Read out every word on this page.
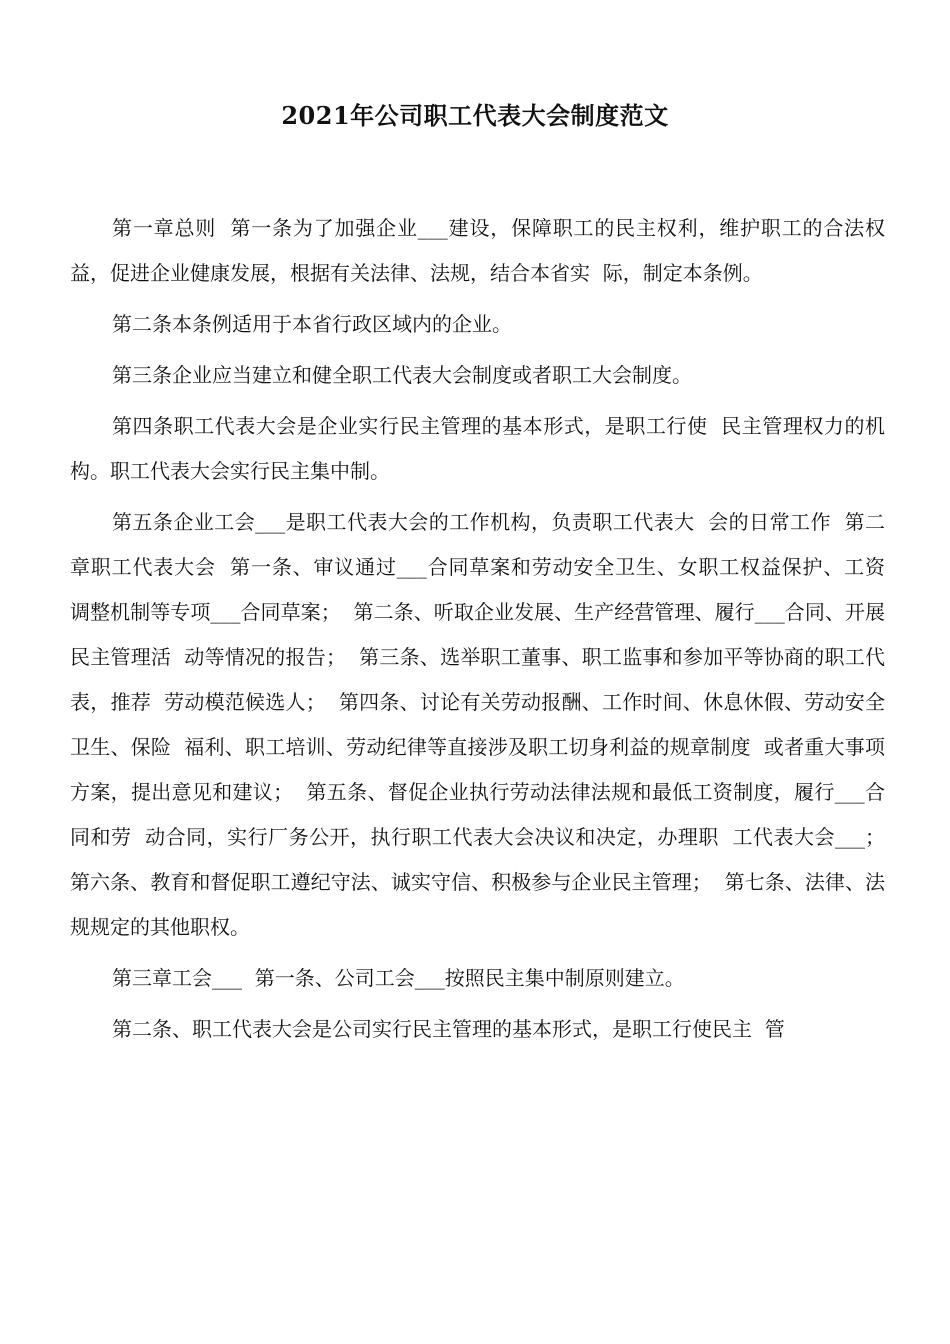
2021年公司职工代表大会制度范文

第一章总则  第一条为了加强企业___建设，保障职工的民主权利，维护职工的合法权益，促进企业健康发展，根据有关法律、法规，结合本省实  际，制定本条例。

第二条本条例适用于本省行政区域内的企业。

第三条企业应当建立和健全职工代表大会制度或者职工大会制度。

第四条职工代表大会是企业实行民主管理的基本形式，是职工行使  民主管理权力的机构。职工代表大会实行民主集中制。

第五条企业工会___是职工代表大会的工作机构，负责职工代表大  会的日常工作  第二章职工代表大会  第一条、审议通过___合同草案和劳动安全卫生、女职工权益保护、工资  调整机制等专项___合同草案；  第二条、听取企业发展、生产经营管理、履行___合同、开展民主管理活  动等情况的报告；  第三条、选举职工董事、职工监事和参加平等协商的职工代表，推荐  劳动模范候选人；  第四条、讨论有关劳动报酬、工作时间、休息休假、劳动安全卫生、保险  福利、职工培训、劳动纪律等直接涉及职工切身利益的规章制度  或者重大事项方案，提出意见和建议；  第五条、督促企业执行劳动法律法规和最低工资制度，履行___合同和劳  动合同，实行厂务公开，执行职工代表大会决议和决定，办理职  工代表大会___；  第六条、教育和督促职工遵纪守法、诚实守信、积极参与企业民主管理；  第七条、法律、法规规定的其他职权。

第三章工会___  第一条、公司工会___按照民主集中制原则建立。

第二条、职工代表大会是公司实行民主管理的基本形式，是职工行使民主  管
